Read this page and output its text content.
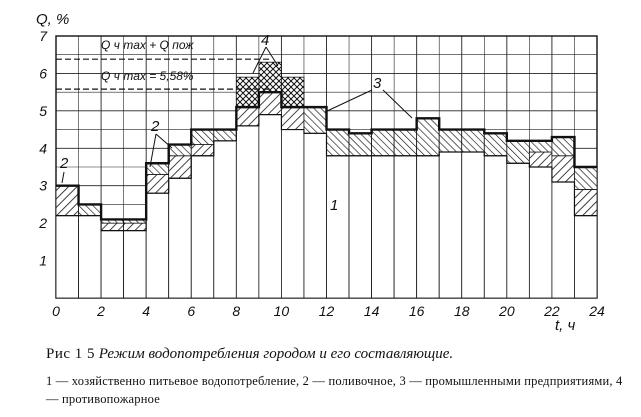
0	2	4	6	8 10 12 14 16 18 20 22 24
1
2
3
4
5
6
7
Q, %
t, ч
Q ч max + Q пож
Q ч max = 5,58%
1
2
2
3
4
Рис 1 5 Режим водопотребления городом и его составляющие.
1 — хозяйственно питьевое водопотребление, 2 — поливочное, 3 — промышленными предприятиями, 4 — противопожарное
